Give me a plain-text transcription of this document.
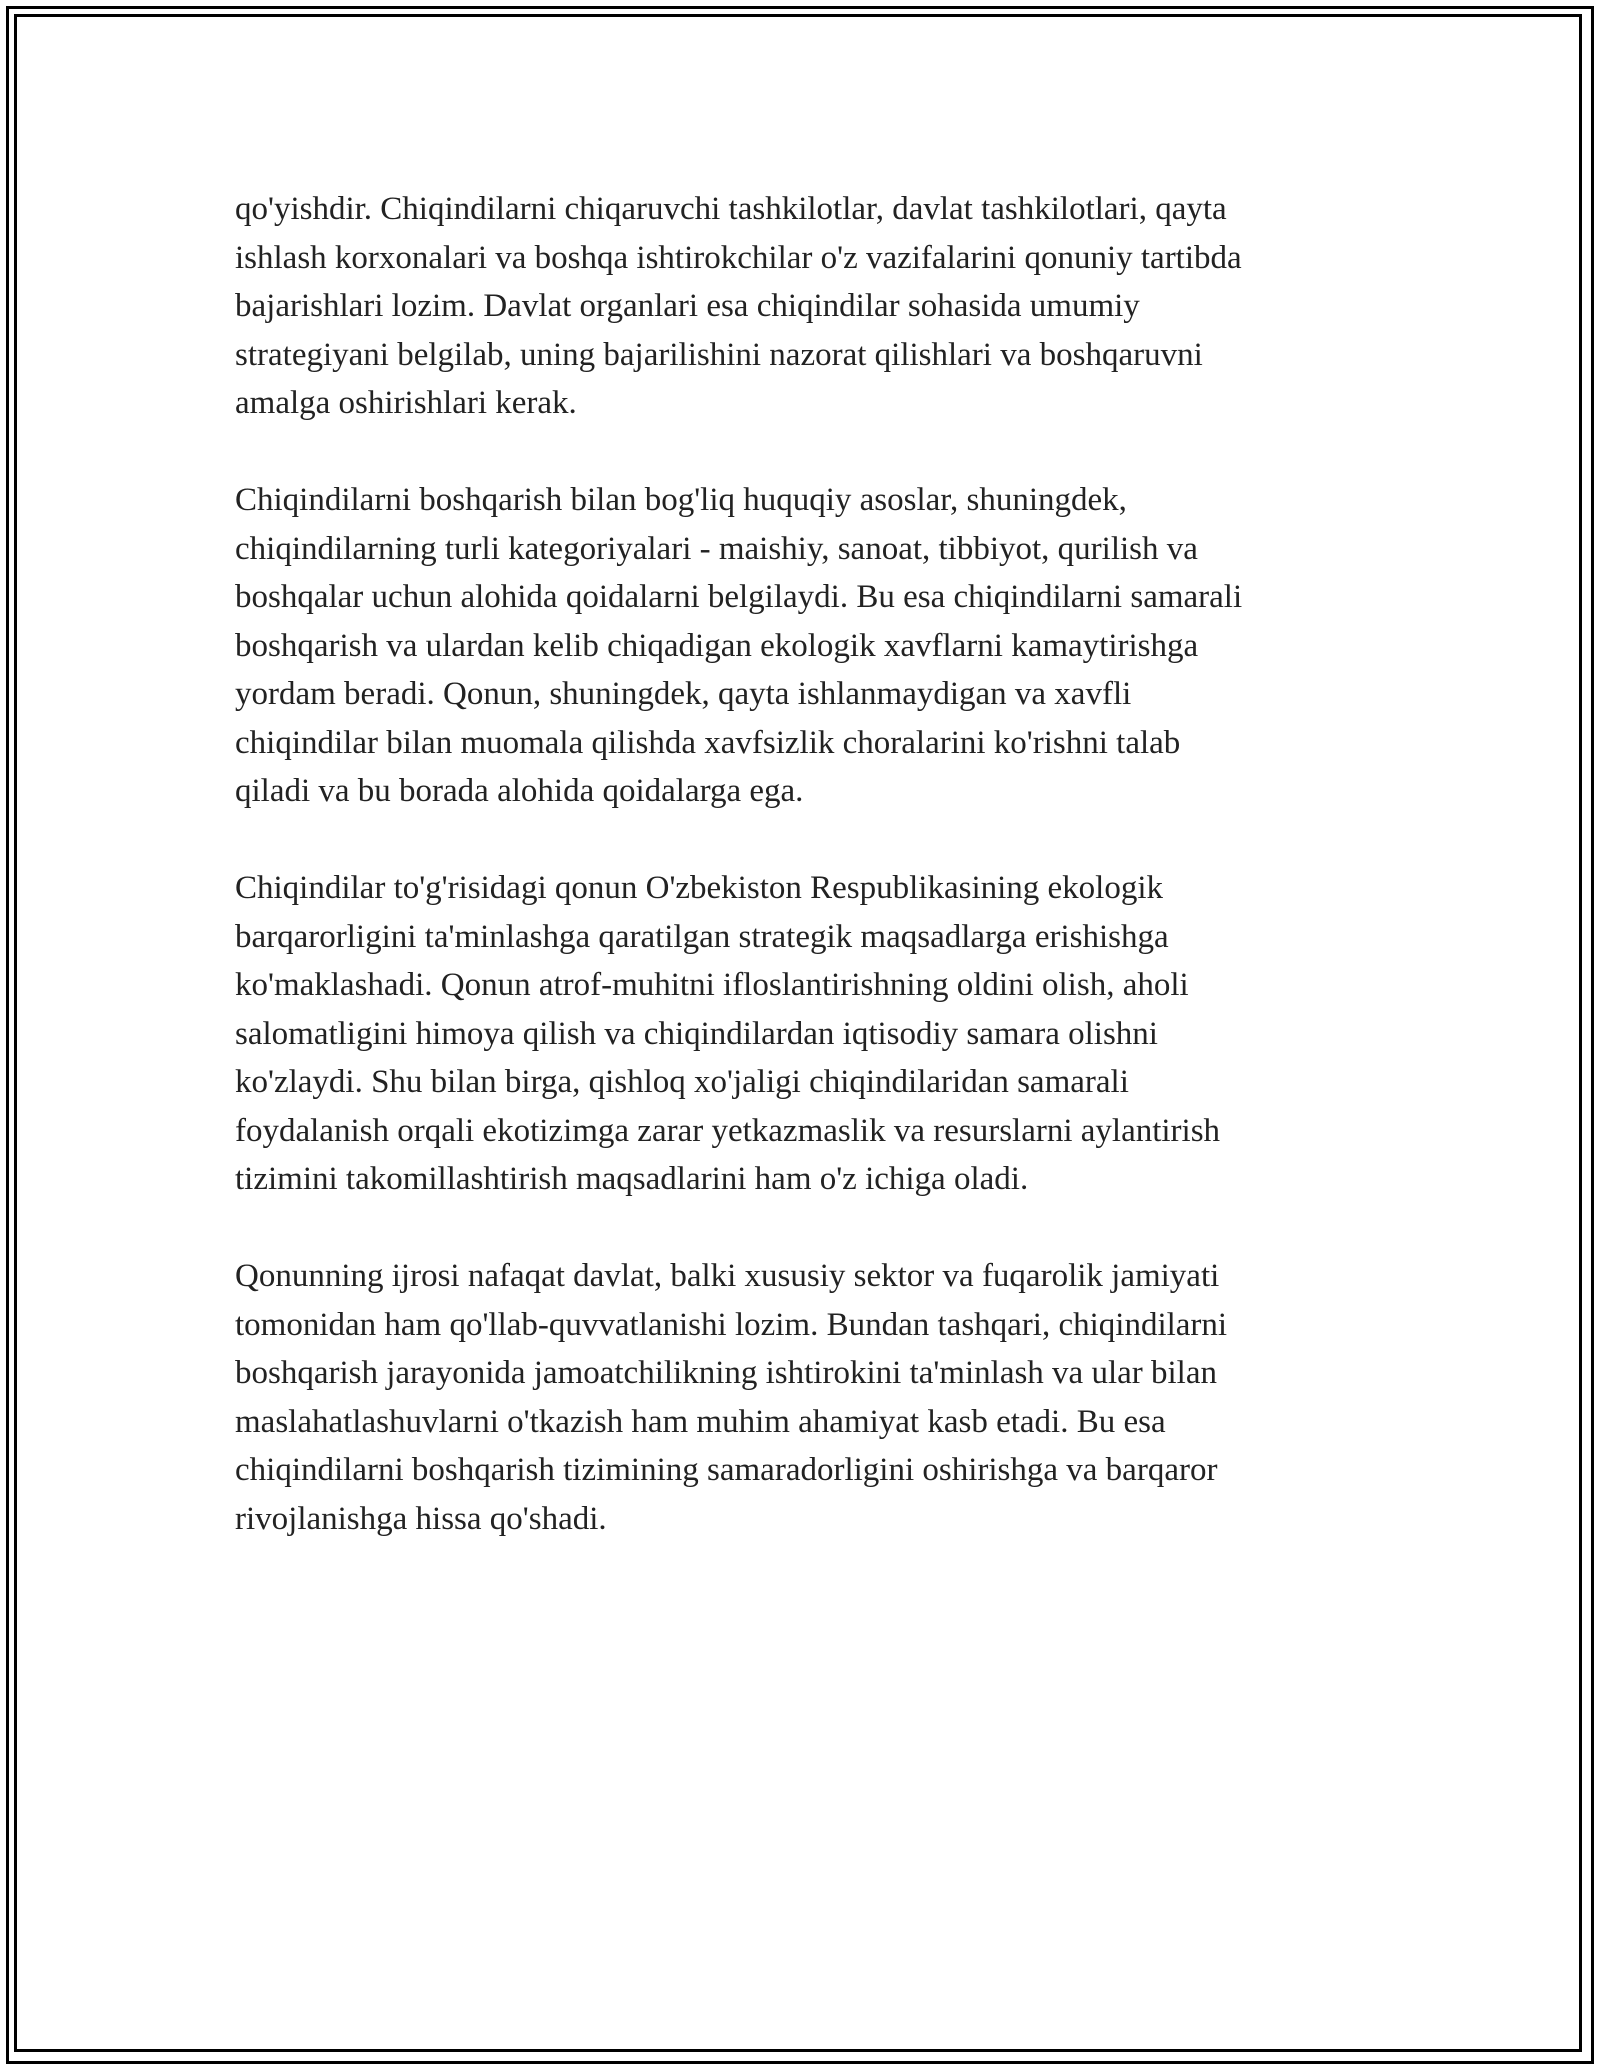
qo'yishdir. Chiqindilarni chiqaruvchi tashkilotlar, davlat tashkilotlari, qayta
ishlash korxonalari va boshqa ishtirokchilar o'z vazifalarini qonuniy tartibda
bajarishlari lozim. Davlat organlari esa chiqindilar sohasida umumiy
strategiyani belgilab, uning bajarilishini nazorat qilishlari va boshqaruvni
amalga oshirishlari kerak.

Chiqindilarni boshqarish bilan bog'liq huquqiy asoslar, shuningdek,
chiqindilarning turli kategoriyalari - maishiy, sanoat, tibbiyot, qurilish va
boshqalar uchun alohida qoidalarni belgilaydi. Bu esa chiqindilarni samarali
boshqarish va ulardan kelib chiqadigan ekologik xavflarni kamaytirishga
yordam beradi. Qonun, shuningdek, qayta ishlanmaydigan va xavfli
chiqindilar bilan muomala qilishda xavfsizlik choralarini ko'rishni talab
qiladi va bu borada alohida qoidalarga ega.

Chiqindilar to'g'risidagi qonun O'zbekiston Respublikasining ekologik
barqarorligini ta'minlashga qaratilgan strategik maqsadlarga erishishga
ko'maklashadi. Qonun atrof-muhitni ifloslantirishning oldini olish, aholi
salomatligini himoya qilish va chiqindilardan iqtisodiy samara olishni
ko'zlaydi. Shu bilan birga, qishloq xo'jaligi chiqindilaridan samarali
foydalanish orqali ekotizimga zarar yetkazmaslik va resurslarni aylantirish
tizimini takomillashtirish maqsadlarini ham o'z ichiga oladi.

Qonunning ijrosi nafaqat davlat, balki xususiy sektor va fuqarolik jamiyati
tomonidan ham qo'llab-quvvatlanishi lozim. Bundan tashqari, chiqindilarni
boshqarish jarayonida jamoatchilikning ishtirokini ta'minlash va ular bilan
maslahatlashuvlarni o'tkazish ham muhim ahamiyat kasb etadi. Bu esa
chiqindilarni boshqarish tizimining samaradorligini oshirishga va barqaror
rivojlanishga hissa qo'shadi.
